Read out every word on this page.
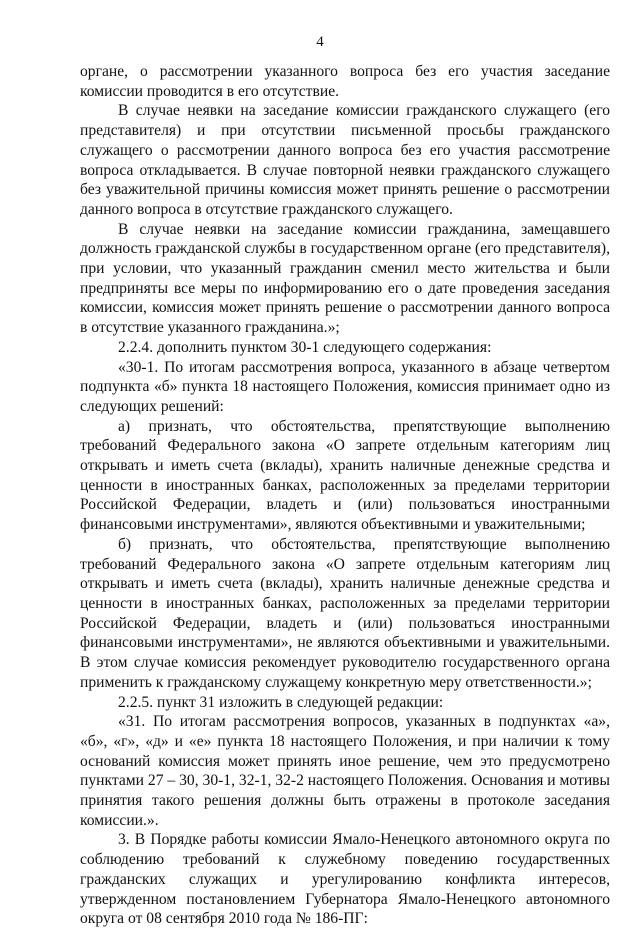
4

органе, о рассмотрении указанного вопроса без его участия заседание комиссии проводится в его отсутствие.

В случае неявки на заседание комиссии гражданского служащего (его представителя) и при отсутствии письменной просьбы гражданского служащего о рассмотрении данного вопроса без его участия рассмотрение вопроса откладывается. В случае повторной неявки гражданского служащего без уважительной причины комиссия может принять решение о рассмотрении данного вопроса в отсутствие гражданского служащего.

В случае неявки на заседание комиссии гражданина, замещавшего должность гражданской службы в государственном органе (его представителя), при условии, что указанный гражданин сменил место жительства и были предприняты все меры по информированию его о дате проведения заседания комиссии, комиссия может принять решение о рассмотрении данного вопроса в отсутствие указанного гражданина.»;

2.2.4. дополнить пунктом 30-1 следующего содержания:

«30-1. По итогам рассмотрения вопроса, указанного в абзаце четвертом подпункта «б» пункта 18 настоящего Положения, комиссия принимает одно из следующих решений:

а) признать, что обстоятельства, препятствующие выполнению требований Федерального закона «О запрете отдельным категориям лиц открывать и иметь счета (вклады), хранить наличные денежные средства и ценности в иностранных банках, расположенных за пределами территории Российской Федерации, владеть и (или) пользоваться иностранными финансовыми инструментами», являются объективными и уважительными;

б) признать, что обстоятельства, препятствующие выполнению требований Федерального закона «О запрете отдельным категориям лиц открывать и иметь счета (вклады), хранить наличные денежные средства и ценности в иностранных банках, расположенных за пределами территории Российской Федерации, владеть и (или) пользоваться иностранными финансовыми инструментами», не являются объективными и уважительными. В этом случае комиссия рекомендует руководителю государственного органа применить к гражданскому служащему конкретную меру ответственности.»;

2.2.5. пункт 31 изложить в следующей редакции:

«31. По итогам рассмотрения вопросов, указанных в подпунктах «а», «б», «г», «д» и «е» пункта 18 настоящего Положения, и при наличии к тому оснований комиссия может принять иное решение, чем это предусмотрено пунктами 27 – 30, 30-1, 32-1, 32-2 настоящего Положения. Основания и мотивы принятия такого решения должны быть отражены в протоколе заседания комиссии.».

3. В Порядке работы комиссии Ямало-Ненецкого автономного округа по соблюдению требований к служебному поведению государственных гражданских служащих и урегулированию конфликта интересов, утвержденном постановлением Губернатора Ямало-Ненецкого автономного округа от 08 сентября 2010 года № 186-ПГ:
